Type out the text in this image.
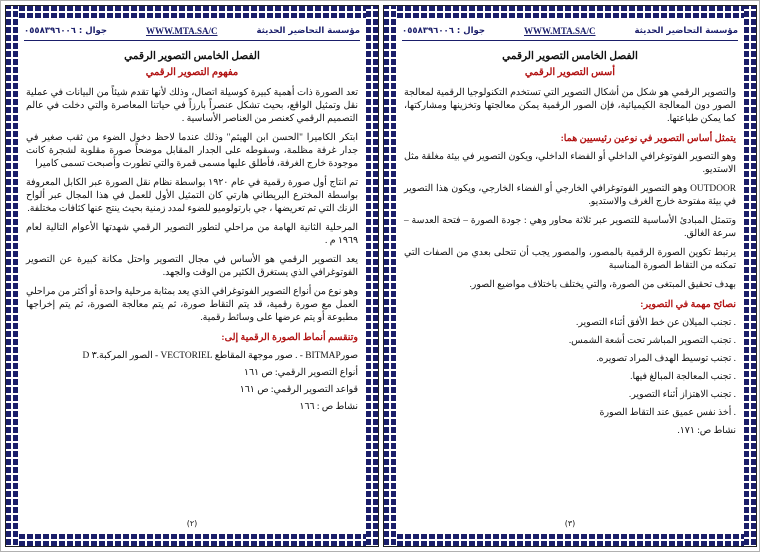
مؤسسة التحاضير الحديثة
WWW.MTA.SA/C
جوال : ٠٥٥٨٣٩٦٠٠٦
الفصل الخامس التصوير الرقمي
مفهوم التصوير الرقمي

تعد الصورة ذات أهمية كبيرة كوسيلة اتصال، وذلك لأنها تقدم شيئاً من البيانات في عملية نقل وتمثيل الواقع، بحيث تشكل عنصراً بارزاً في حياتنا المعاصرة والتي دخلت في عالم التصميم الرقمي كعنصر من العناصر الأساسية .

ابتكر الكاميرا "الحسن ابن الهيثم" وذلك عندما لاحظ دخول الضوء من ثقب صغير في جدار غرفة مظلمة، وسقوطه على الجدار المقابل موضحاً صورة مقلوبة لشجرة كانت موجودة خارج الغرفة، فأطلق عليها مسمى قمرة والتي تطورت وأصبحت تسمى كاميرا

تم انتاج أول صورة رقمية في عام ١٩٢٠ بواسطة نظام نقل الصورة عبر الكابل المعروفة بواسطة المخترع البريطاني هارتي كان التمثيل الأول للعمل في هذا المجال عبر ألواح الزنك التي تم تعريضها ، جي بارتولوميو للضوء لمدد زمنية بحيث ينتج عنها كثافات مختلفة.

المرحلية الثانية الهامة من مراحلي لتطور التصوير الرقمي شهدتها الأعوام التالية لعام ١٩٦٩ م .

يعد التصوير الرقمي هو الأساس في مجال التصوير واحتل مكانة كبيرة عن التصوير الفوتوغرافي الذي يستغرق الكثير من الوقت والجهد.

وهو نوع من أنواع التصوير الفوتوغرافي الذي يعد بمثابة مرحلية واحدة أو أكثر من مراحلي العمل مع صورة رقمية، قد يتم التقاط صورة، ثم يتم معالجة الصورة، ثم يتم إخراجها مطبوعة أو يتم عرضها على وسائط رقمية.

وتنقسم أنماط الصورة الرقمية إلى:
صورBITMAP - . صور موجهة المقاطع VECTORIEL - الصور المركبة.٣ D
أنواع التصوير الرقمي: ص ١٦١
قواعد التصوير الرقمي: ص ١٦١
نشاط ص : ١٦٦
(٢)
مؤسسة التحاضير الحديثة
WWW.MTA.SA/C
جوال : ٠٥٥٨٣٩٦٠٠٦
الفصل الخامس التصوير الرقمي
أسس التصوير الرقمي

والتصوير الرقمي هو شكل من أشكال التصوير التي تستخدم التكنولوجيا الرقمية لمعالجة الصور دون المعالجة الكيميائية، فإن الصور الرقمية يمكن معالجتها وتخزينها ومشاركتها، كما يمكن طباعتها.

يتمثل أساس التصوير في نوعين رئيسيين هما:

وهو التصوير الفوتوغرافي الداخلي أو الفضاء الداخلي، ويكون التصوير في بيئة مغلقة مثل الاستديو.

OUTDOOR وهو التصوير الفوتوغرافي الخارجي أو الفضاء الخارجي، ويكون هذا التصوير في بيئة مفتوحة خارج الغرف والاستديو.

وتتمثل المبادئ الأساسية للتصوير عبر ثلاثة محاور وهي : جودة الصورة – فتحة العدسة – سرعة الغالق.

يرتبط تكوين الصورة الرقمية بالمصور، والمصور يجب أن تتحلى بعدي من الصفات التي تمكنه من التقاط الصورة المناسبة

بهدف تحقيق المبتغى من الصورة، والتي يختلف باختلاف مواضيع الصور.

نصائح مهمة في التصوير:
. تجنب الميلان عن خط الأفق أثناء التصوير.
. تجنب التصوير المباشر تحت أشعة الشمس.
. تجنب توسيط الهدف المراد تصويره.
. تجنب المعالجة المبالغ فيها.
. تجنب الاهتزاز أثناء التصوير.
. أخذ نفس عميق عند التقاط الصورة
نشاط ص: ١٧١.
(٣)
